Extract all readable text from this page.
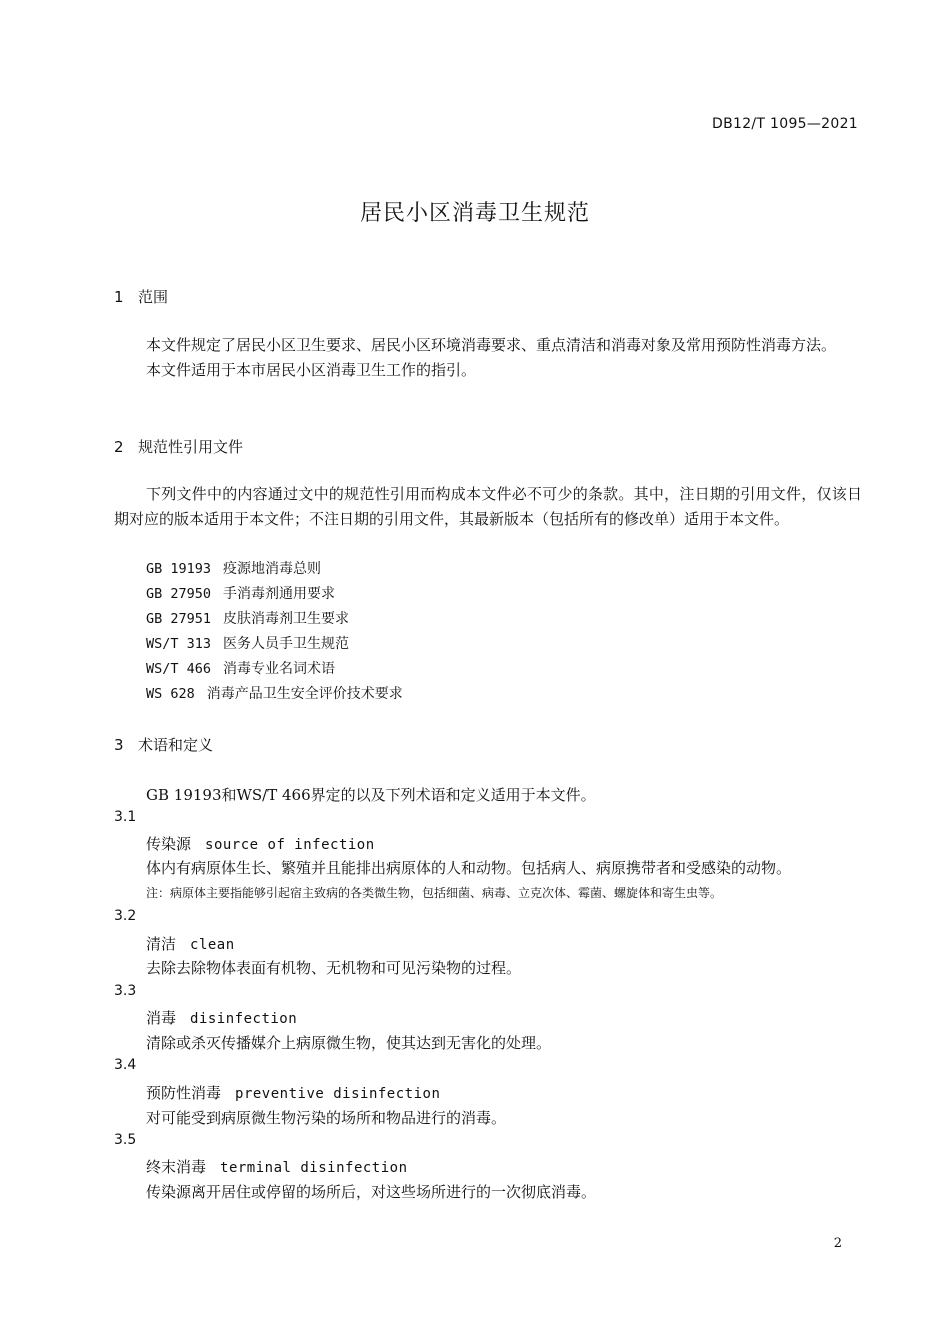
DB12/T 1095—2021
居民小区消毒卫生规范
1 范围

本文件规定了居民小区卫生要求、居民小区环境消毒要求、重点清洁和消毒对象及常用预防性消毒方法。

本文件适用于本市居民小区消毒卫生工作的指引。

2 规范性引用文件

下列文件中的内容通过文中的规范性引用而构成本文件必不可少的条款。其中，注日期的引用文件，仅该日期对应的版本适用于本文件；不注日期的引用文件，其最新版本（包括所有的修改单）适用于本文件。

GB 19193 疫源地消毒总则
GB 27950 手消毒剂通用要求
GB 27951 皮肤消毒剂卫生要求
WS/T 313 医务人员手卫生规范
WS/T 466 消毒专业名词术语
WS 628 消毒产品卫生安全评价技术要求
3 术语和定义
GB 19193和WS/T 466界定的以及下列术语和定义适用于本文件。
3.1
传染源 source of infection
体内有病原体生长、繁殖并且能排出病原体的人和动物。包括病人、病原携带者和受感染的动物。
注：病原体主要指能够引起宿主致病的各类微生物，包括细菌、病毒、立克次体、霉菌、螺旋体和寄生虫等。
3.2
清洁 clean
去除去除物体表面有机物、无机物和可见污染物的过程。
3.3
消毒 disinfection
清除或杀灭传播媒介上病原微生物，使其达到无害化的处理。
3.4
预防性消毒 preventive disinfection
对可能受到病原微生物污染的场所和物品进行的消毒。
3.5
终末消毒 terminal disinfection
传染源离开居住或停留的场所后，对这些场所进行的一次彻底消毒。
2
